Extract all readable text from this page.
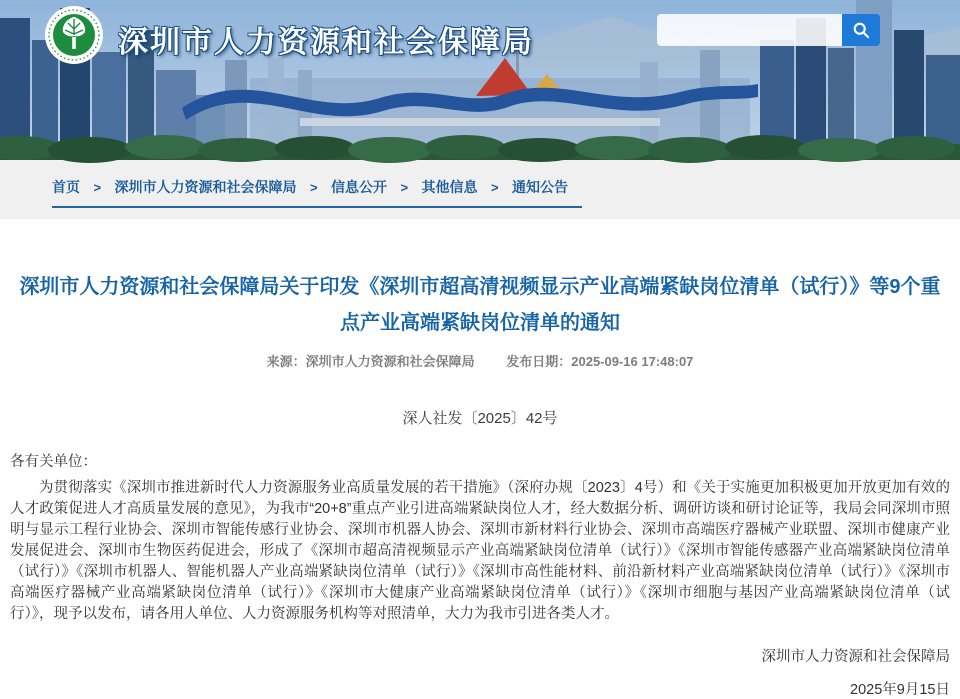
深圳市人力资源和社会保障局
首页 > 深圳市人力资源和社会保障局 > 信息公开 > 其他信息 > 通知公告
深圳市人力资源和社会保障局关于印发《深圳市超高清视频显示产业高端紧缺岗位清单（试行）》等9个重点产业高端紧缺岗位清单的通知
来源：深圳市人力资源和社会保障局 发布日期：2025-09-16 17:48:07
深人社发〔2025〕42号
各有关单位：

为贯彻落实《深圳市推进新时代人力资源服务业高质量发展的若干措施》（深府办规〔2023〕4号）和《关于实施更加积极更加开放更加有效的人才政策促进人才高质量发展的意见》，为我市“20+8”重点产业引进高端紧缺岗位人才，经大数据分析、调研访谈和研讨论证等，我局会同深圳市照明与显示工程行业协会、深圳市智能传感行业协会、深圳市机器人协会、深圳市新材料行业协会、深圳市高端医疗器械产业联盟、深圳市健康产业发展促进会、深圳市生物医药促进会，形成了《深圳市超高清视频显示产业高端紧缺岗位清单（试行）》《深圳市智能传感器产业高端紧缺岗位清单（试行）》《深圳市机器人、智能机器人产业高端紧缺岗位清单（试行）》《深圳市高性能材料、前沿新材料产业高端紧缺岗位清单（试行）》《深圳市高端医疗器械产业高端紧缺岗位清单（试行）》《深圳市大健康产业高端紧缺岗位清单（试行）》《深圳市细胞与基因产业高端紧缺岗位清单（试行）》，现予以发布，请各用人单位、人力资源服务机构等对照清单，大力为我市引进各类人才。

深圳市人力资源和社会保障局
2025年9月15日
